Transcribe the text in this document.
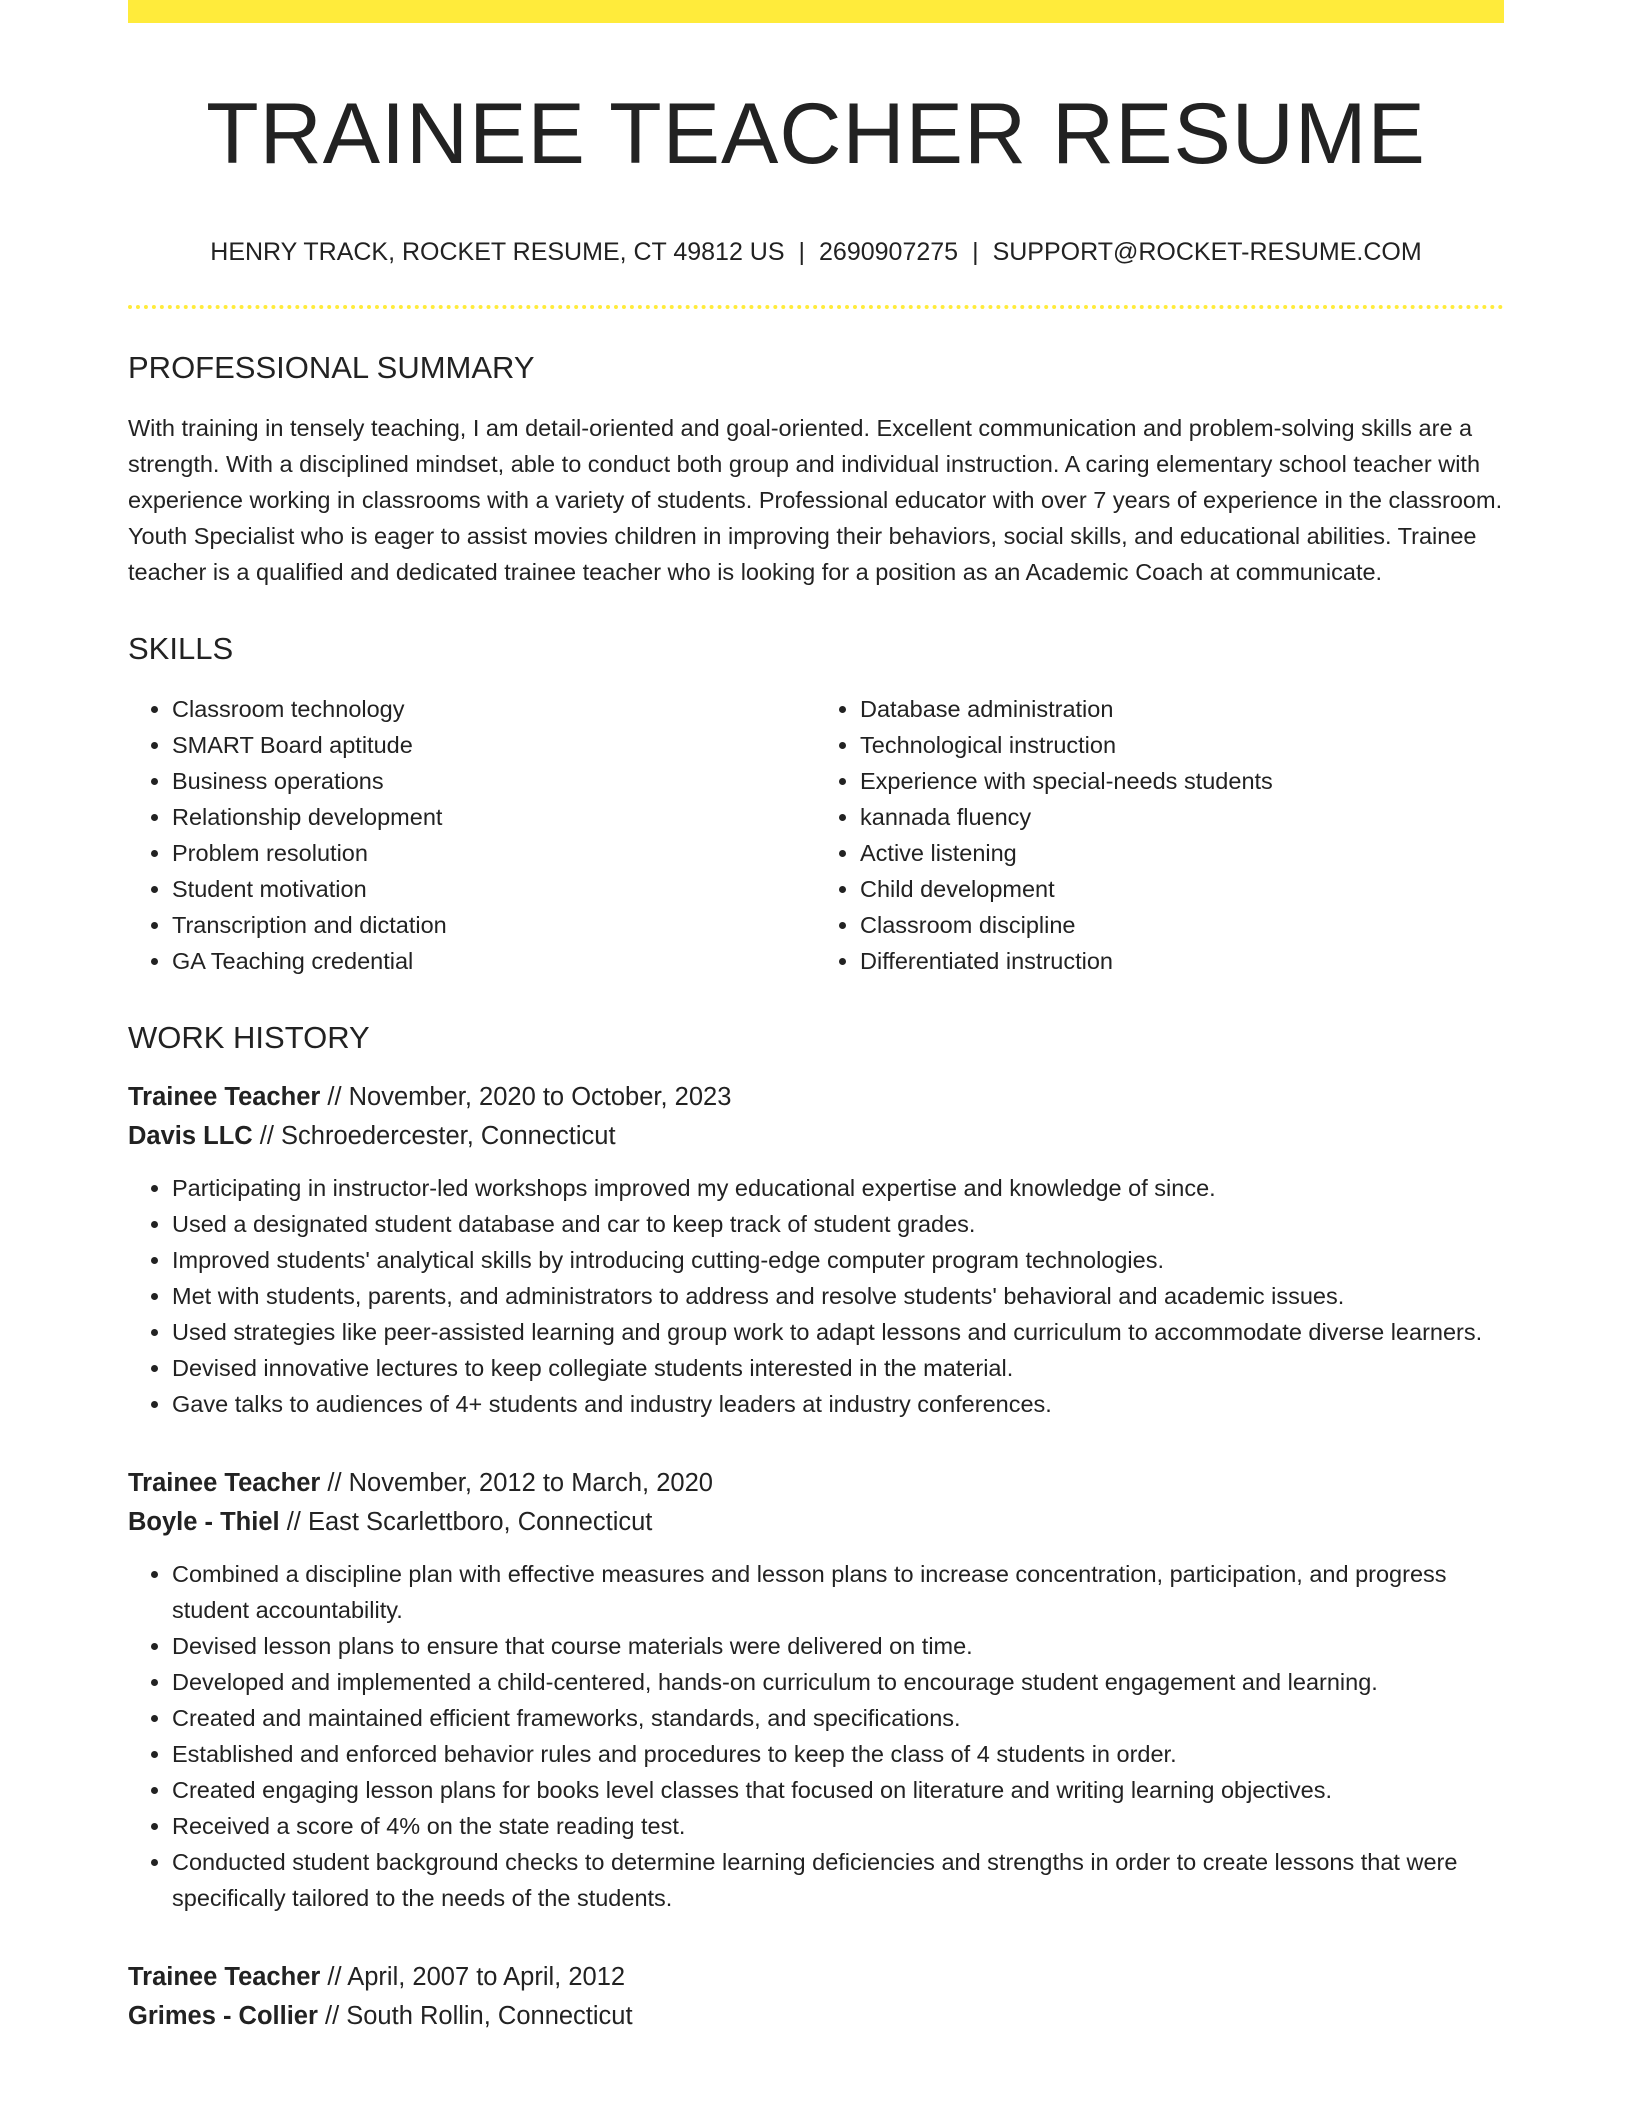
TRAINEE TEACHER RESUME
HENRY TRACK, ROCKET RESUME, CT 49812 US | 2690907275 | SUPPORT@ROCKET-RESUME.COM
PROFESSIONAL SUMMARY

With training in tensely teaching, I am detail-oriented and goal-oriented. Excellent communication and problem-solving skills are a strength. With a disciplined mindset, able to conduct both group and individual instruction. A caring elementary school teacher with experience working in classrooms with a variety of students. Professional educator with over 7 years of experience in the classroom. Youth Specialist who is eager to assist movies children in improving their behaviors, social skills, and educational abilities. Trainee teacher is a qualified and dedicated trainee teacher who is looking for a position as an Academic Coach at communicate.

SKILLS
• Classroom technology
• SMART Board aptitude
• Business operations
• Relationship development
• Problem resolution
• Student motivation
• Transcription and dictation
• GA Teaching credential
• Database administration
• Technological instruction
• Experience with special-needs students
• kannada fluency
• Active listening
• Child development
• Classroom discipline
• Differentiated instruction
WORK HISTORY
Trainee Teacher // November, 2020 to October, 2023
Davis LLC // Schroedercester, Connecticut
• Participating in instructor-led workshops improved my educational expertise and knowledge of since.
• Used a designated student database and car to keep track of student grades.
• Improved students' analytical skills by introducing cutting-edge computer program technologies.
• Met with students, parents, and administrators to address and resolve students' behavioral and academic issues.
• Used strategies like peer-assisted learning and group work to adapt lessons and curriculum to accommodate diverse learners.
• Devised innovative lectures to keep collegiate students interested in the material.
• Gave talks to audiences of 4+ students and industry leaders at industry conferences.
Trainee Teacher // November, 2012 to March, 2020
Boyle - Thiel // East Scarlettboro, Connecticut
• Combined a discipline plan with effective measures and lesson plans to increase concentration, participation, and progress student accountability.
• Devised lesson plans to ensure that course materials were delivered on time.
• Developed and implemented a child-centered, hands-on curriculum to encourage student engagement and learning.
• Created and maintained efficient frameworks, standards, and specifications.
• Established and enforced behavior rules and procedures to keep the class of 4 students in order.
• Created engaging lesson plans for books level classes that focused on literature and writing learning objectives.
• Received a score of 4% on the state reading test.
• Conducted student background checks to determine learning deficiencies and strengths in order to create lessons that were specifically tailored to the needs of the students.
Trainee Teacher // April, 2007 to April, 2012
Grimes - Collier // South Rollin, Connecticut
